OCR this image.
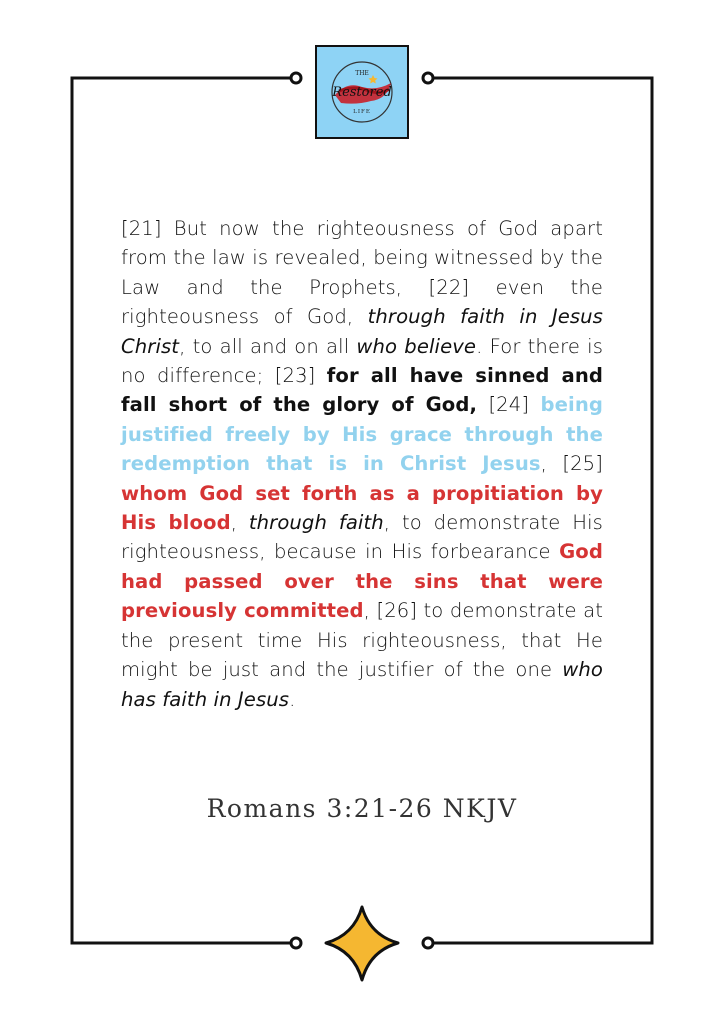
THE
Restored
LIFE
[21] But now the righteousness of God apart from the law is revealed, being witnessed by the Law and the Prophets, [22] even the righteousness of God, through faith in Jesus Christ, to all and on all who believe. For there is no difference; [23] for all have sinned and fall short of the glory of God, [24] being justified freely by His grace through the redemption that is in Christ Jesus, [25] whom God set forth as a propitiation by His blood, through faith, to demonstrate His righteousness, because in His forbearance God had passed over the sins that were previously committed, [26] to demonstrate at the present time His righteousness, that He might be just and the justifier of the one who has faith in Jesus.
Romans 3:21-26 NKJV
